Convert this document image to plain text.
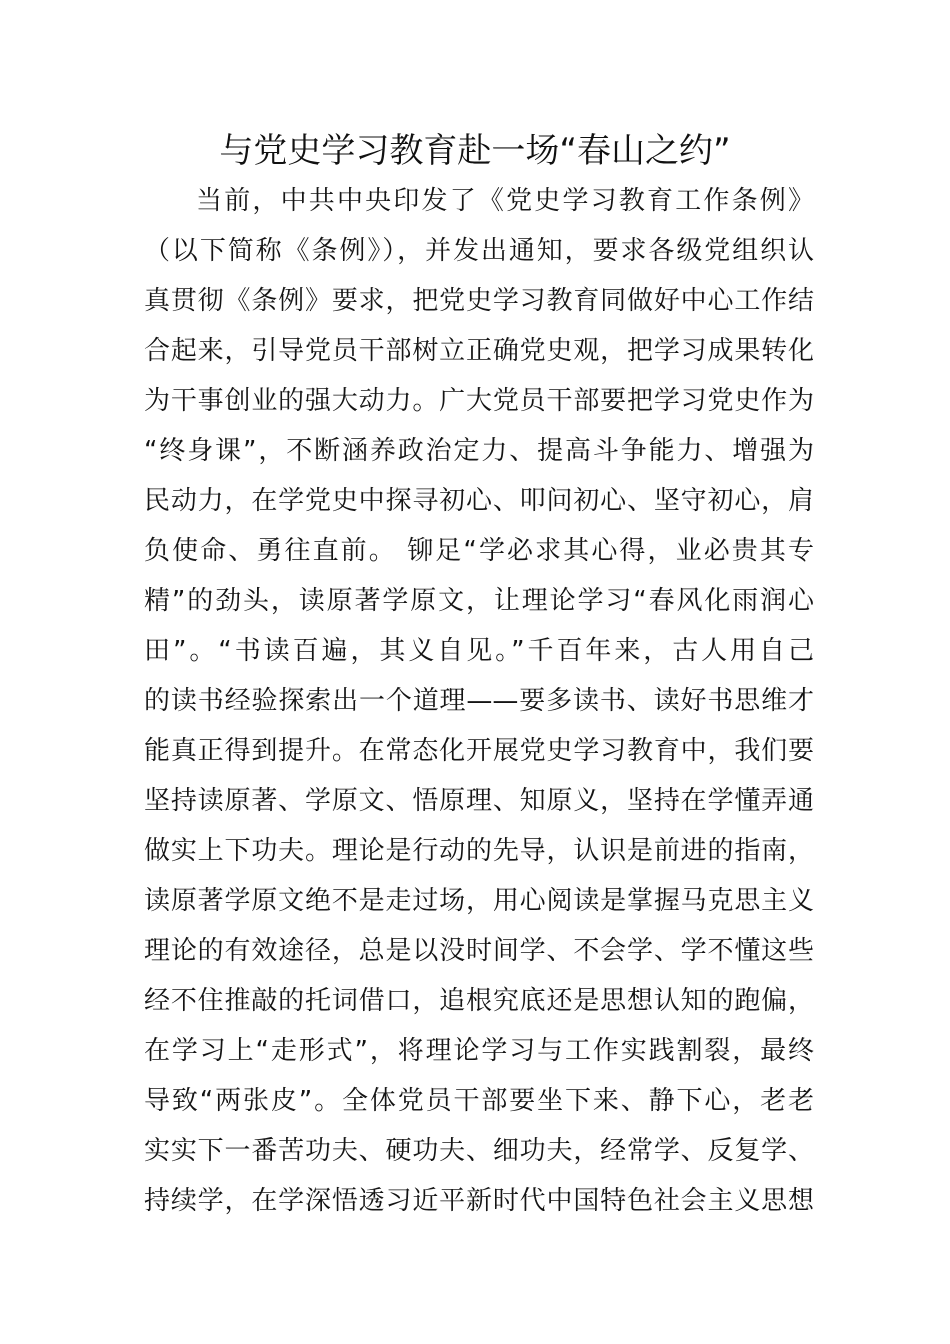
与党史学习教育赴一场“春山之约”
当前，中共中央印发了《党史学习教育工作条例》
（以下简称《条例》），并发出通知，要求各级党组织认
真贯彻《条例》要求，把党史学习教育同做好中心工作结
合起来，引导党员干部树立正确党史观，把学习成果转化
为干事创业的强大动力。广大党员干部要把学习党史作为
“终身课”，不断涵养政治定力、提高斗争能力、增强为
民动力，在学党史中探寻初心、叩问初心、坚守初心，肩
负使命、勇往直前。 铆足“学必求其心得，业必贵其专
精”的劲头，读原著学原文，让理论学习“春风化雨润心
田”。“书读百遍，其义自见。”千百年来，古人用自己
的读书经验探索出一个道理——要多读书、读好书思维才
能真正得到提升。在常态化开展党史学习教育中，我们要
坚持读原著、学原文、悟原理、知原义，坚持在学懂弄通
做实上下功夫。理论是行动的先导，认识是前进的指南，
读原著学原文绝不是走过场，用心阅读是掌握马克思主义
理论的有效途径，总是以没时间学、不会学、学不懂这些
经不住推敲的托词借口，追根究底还是思想认知的跑偏，
在学习上“走形式”，将理论学习与工作实践割裂，最终
导致“两张皮”。全体党员干部要坐下来、静下心，老老
实实下一番苦功夫、硬功夫、细功夫，经常学、反复学、
持续学，在学深悟透习近平新时代中国特色社会主义思想
